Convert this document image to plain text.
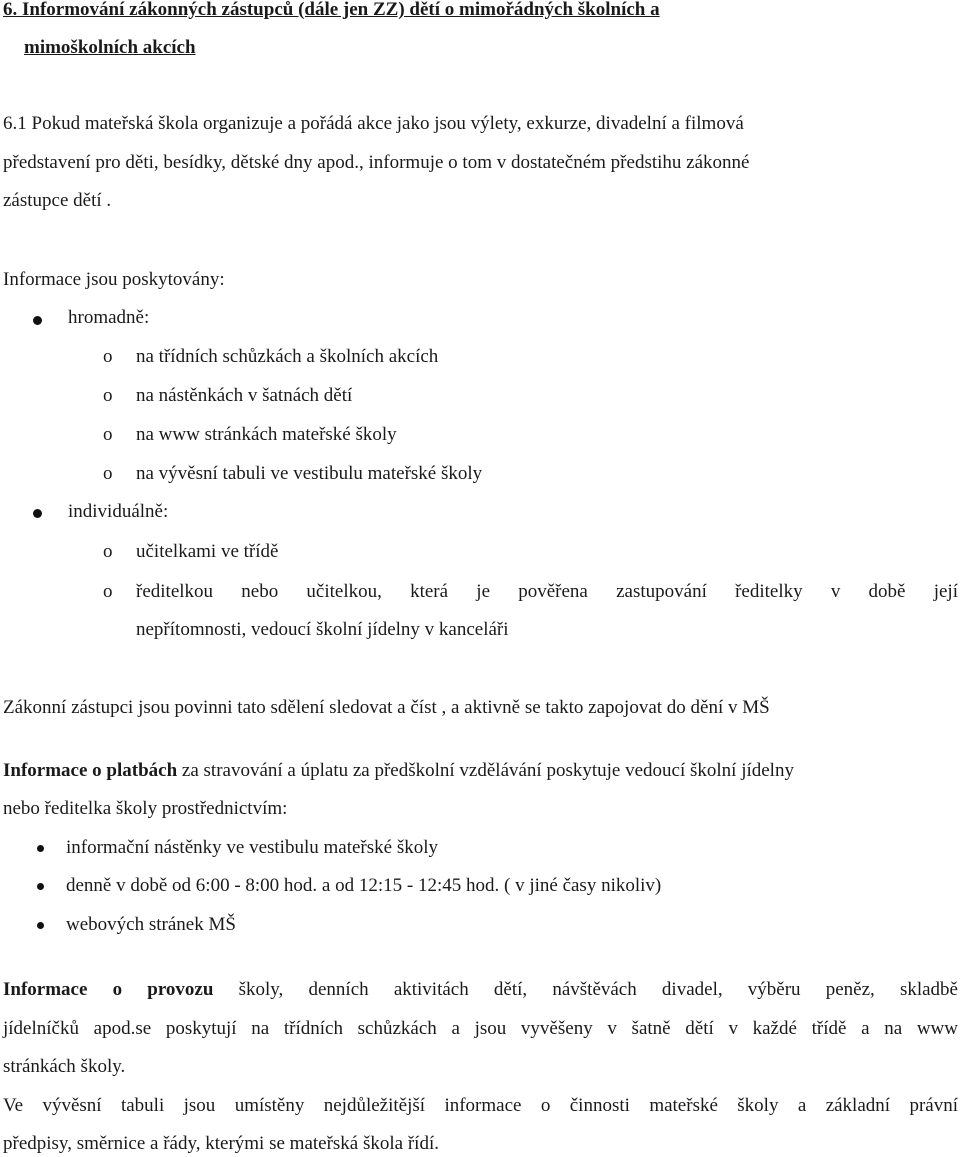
6. Informování zákonných zástupců (dále jen ZZ) dětí o mimořádných školních a
mimoškolních akcích
6.1 Pokud mateřská škola organizuje a pořádá akce jako jsou výlety, exkurze, divadelní a filmová
představení pro děti, besídky, dětské dny apod., informuje o tom v dostatečném předstihu zákonné
zástupce dětí .
Informace jsou poskytovány:
hromadně:
o na třídních schůzkách a školních akcích
o na nástěnkách v šatnách dětí
o na www stránkách mateřské školy
o na vývěsní tabuli ve vestibulu mateřské školy
individuálně:
o učitelkami ve třídě
o ředitelkou nebo učitelkou, která je pověřena zastupování ředitelky v době její
nepřítomnosti, vedoucí školní jídelny v kanceláři
Zákonní zástupci jsou povinni tato sdělení sledovat a číst , a aktivně se takto zapojovat do dění v MŠ
Informace o platbách za stravování a úplatu za předškolní vzdělávání poskytuje vedoucí školní jídelny
nebo ředitelka školy prostřednictvím:
informační nástěnky ve vestibulu mateřské školy
denně v době od 6:00 - 8:00 hod. a od 12:15 - 12:45 hod. ( v jiné časy nikoliv)
webových stránek MŠ
Informace o provozu školy, denních aktivitách dětí, návštěvách divadel, výběru peněz, skladbě
jídelníčků apod.se poskytují na třídních schůzkách a jsou vyvěšeny v šatně dětí v každé třídě a na www
stránkách školy.
Ve vývěsní tabuli jsou umístěny nejdůležitější informace o činnosti mateřské školy a základní právní
předpisy, směrnice a řády, kterými se mateřská škola řídí.
